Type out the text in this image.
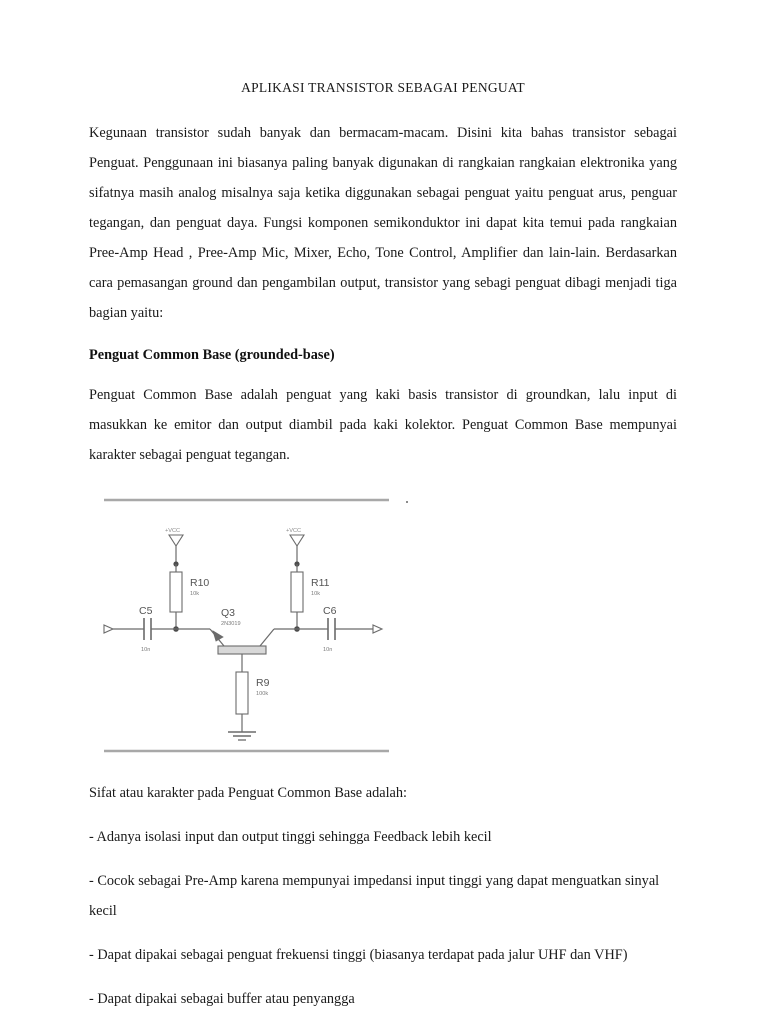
APLIKASI TRANSISTOR SEBAGAI PENGUAT

Kegunaan transistor sudah banyak dan bermacam-macam. Disini kita bahas transistor sebagai Penguat. Penggunaan ini biasanya paling banyak digunakan di rangkaian rangkaian elektronika yang sifatnya masih analog misalnya saja ketika diggunakan sebagai penguat yaitu penguat arus, penguar tegangan, dan penguat daya. Fungsi komponen semikonduktor ini dapat kita temui pada rangkaian Pree-Amp Head , Pree-Amp Mic, Mixer, Echo, Tone Control, Amplifier dan lain-lain. Berdasarkan cara pemasangan ground dan pengambilan output, transistor yang sebagi penguat dibagi menjadi tiga bagian yaitu:

Penguat Common Base (grounded-base)

Penguat Common Base adalah penguat yang kaki basis transistor di groundkan, lalu input di masukkan ke emitor dan output diambil pada kaki kolektor. Penguat Common Base mempunyai karakter sebagai penguat tegangan.

+VCC	+VCC
R10
10k
R11
10k
C5
10n
C6
10n
Q3
2N3019
R9
100k

Sifat atau karakter pada Penguat Common Base adalah:

- Adanya isolasi input dan output tinggi sehingga Feedback lebih kecil

- Cocok sebagai Pre-Amp karena mempunyai impedansi input tinggi yang dapat menguatkan sinyal kecil

- Dapat dipakai sebagai penguat frekuensi tinggi (biasanya terdapat pada jalur UHF dan VHF)

- Dapat dipakai sebagai buffer atau penyangga
